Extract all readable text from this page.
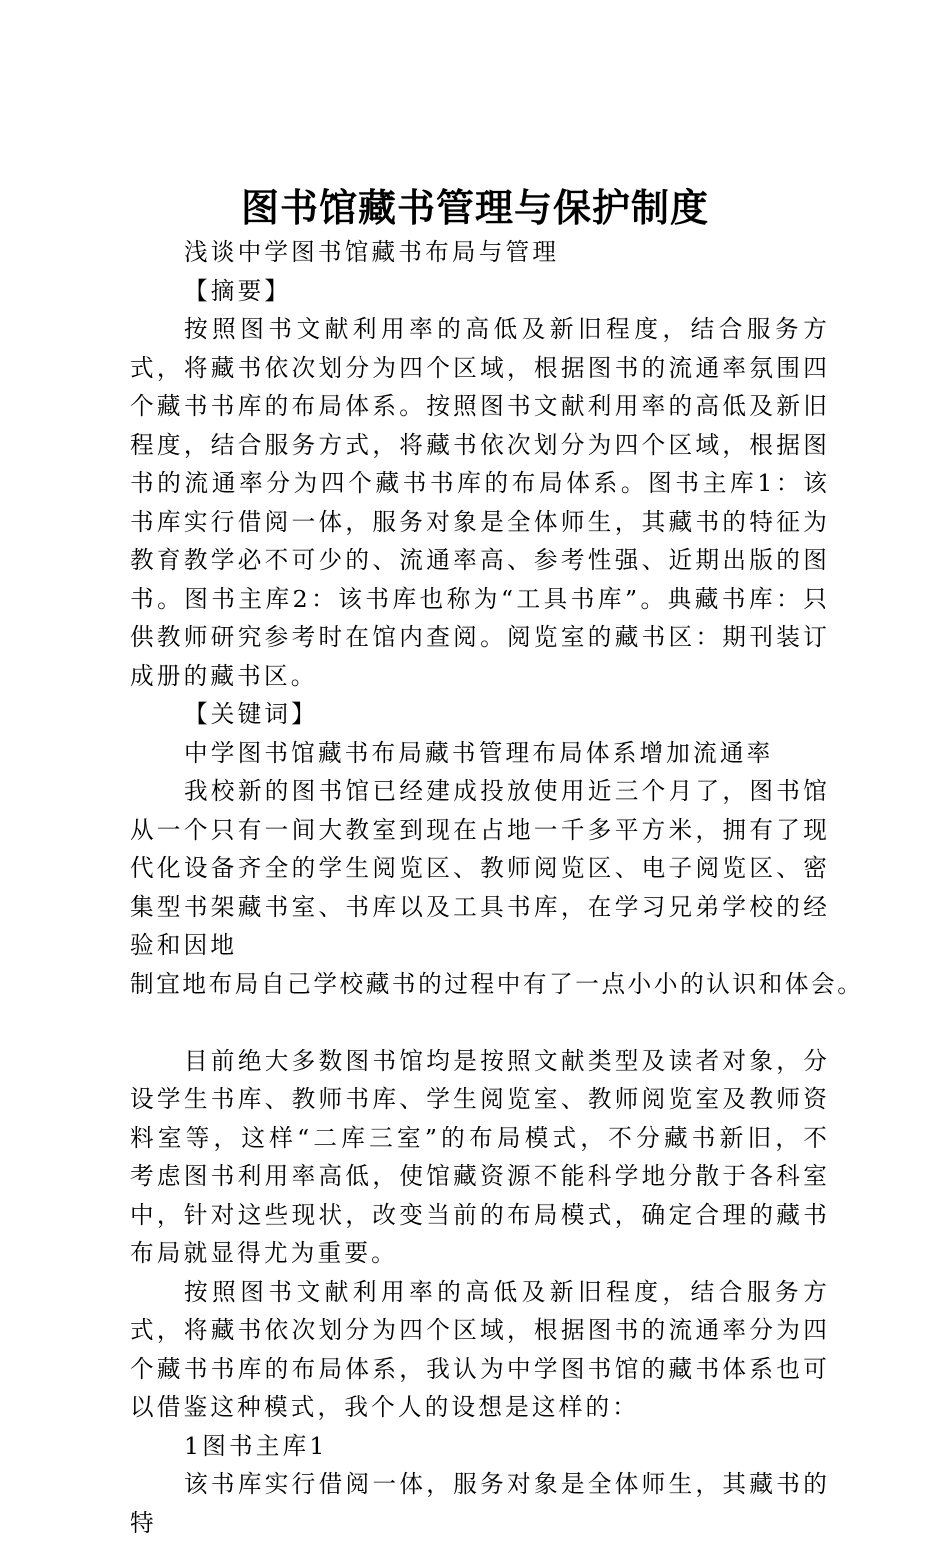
图书馆藏书管理与保护制度

浅谈中学图书馆藏书布局与管理

【摘要】

按照图书文献利用率的高低及新旧程度，结合服务方式，将藏书依次划分为四个区域，根据图书的流通率氛围四个藏书书库的布局体系。按照图书文献利用率的高低及新旧程度，结合服务方式，将藏书依次划分为四个区域，根据图书的流通率分为四个藏书书库的布局体系。图书主库1：该书库实行借阅一体，服务对象是全体师生，其藏书的特征为教育教学必不可少的、流通率高、参考性强、近期出版的图书。图书主库2：该书库也称为“工具书库”。典藏书库：只供教师研究参考时在馆内查阅。阅览室的藏书区：期刊装订成册的藏书区。

【关键词】

中学图书馆藏书布局藏书管理布局体系增加流通率

我校新的图书馆已经建成投放使用近三个月了，图书馆从一个只有一间大教室到现在占地一千多平方米，拥有了现代化设备齐全的学生阅览区、教师阅览区、电子阅览区、密集型书架藏书室、书库以及工具书库，在学习兄弟学校的经验和因地

制宜地布局自己学校藏书的过程中有了一点小小的认识和体会。

目前绝大多数图书馆均是按照文献类型及读者对象，分设学生书库、教师书库、学生阅览室、教师阅览室及教师资料室等，这样“二库三室”的布局模式，不分藏书新旧，不考虑图书利用率高低，使馆藏资源不能科学地分散于各科室中，针对这些现状，改变当前的布局模式，确定合理的藏书布局就显得尤为重要。

按照图书文献利用率的高低及新旧程度，结合服务方式，将藏书依次划分为四个区域，根据图书的流通率分为四个藏书书库的布局体系，我认为中学图书馆的藏书体系也可以借鉴这种模式，我个人的设想是这样的：

1图书主库1

该书库实行借阅一体，服务对象是全体师生，其藏书的特
